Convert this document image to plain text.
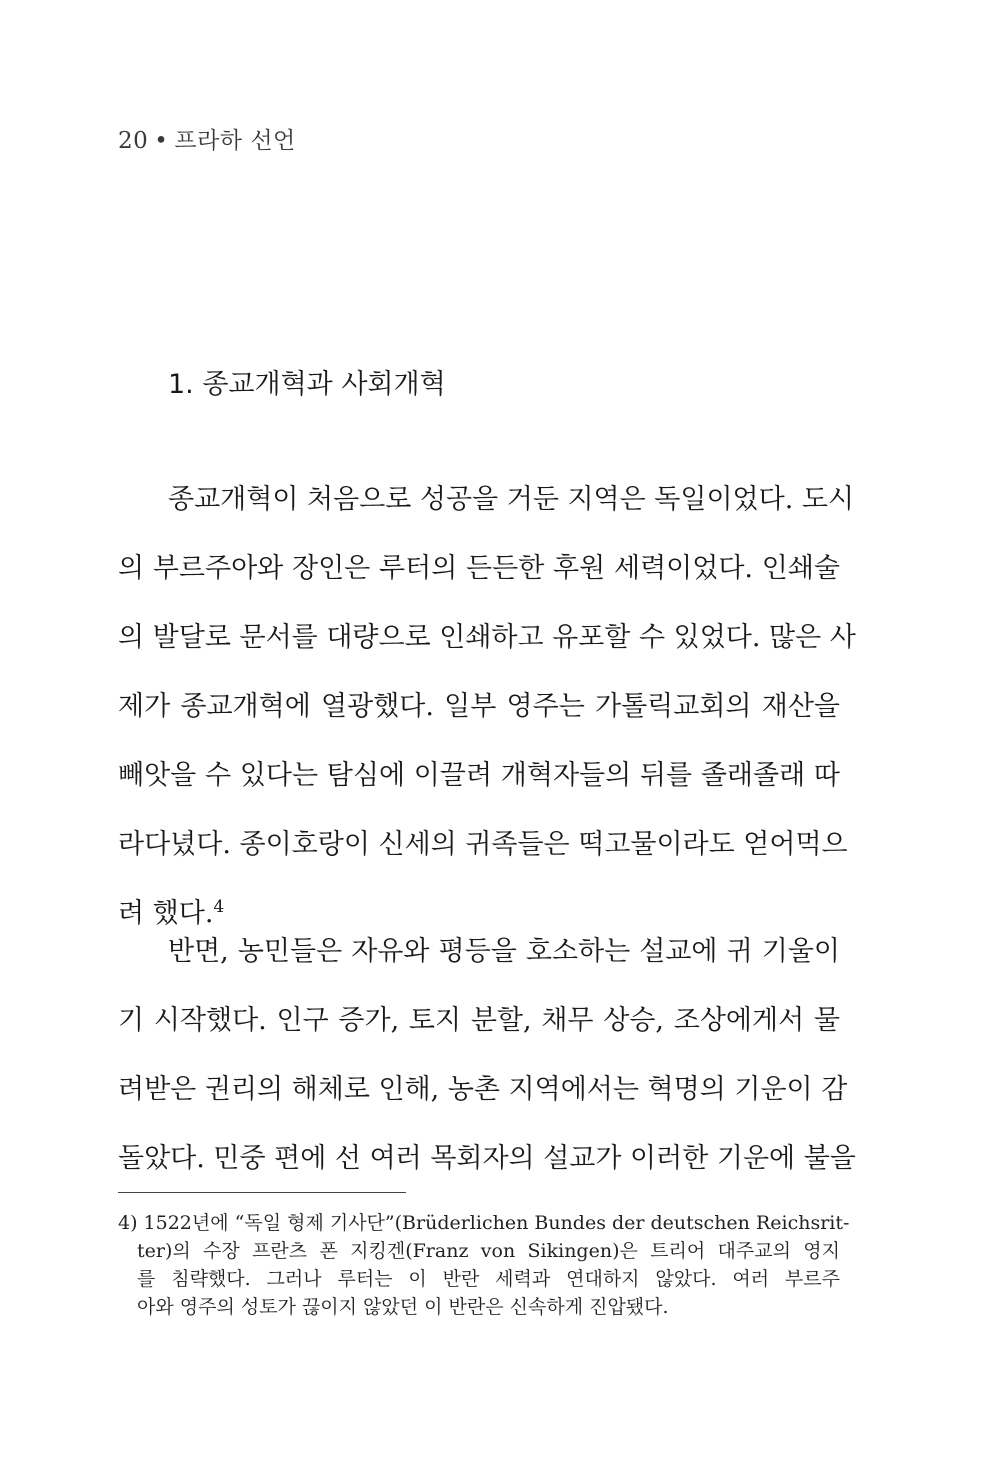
20 • 프라하 선언
1. 종교개혁과 사회개혁
종교개혁이 처음으로 성공을 거둔 지역은 독일이었다. 도시
의 부르주아와 장인은 루터의 든든한 후원 세력이었다. 인쇄술
의 발달로 문서를 대량으로 인쇄하고 유포할 수 있었다. 많은 사
제가 종교개혁에 열광했다. 일부 영주는 가톨릭교회의 재산을
빼앗을 수 있다는 탐심에 이끌려 개혁자들의 뒤를 졸래졸래 따
라다녔다. 종이호랑이 신세의 귀족들은 떡고물이라도 얻어먹으
려 했다.$^4$
반면, 농민들은 자유와 평등을 호소하는 설교에 귀 기울이
기 시작했다. 인구 증가, 토지 분할, 채무 상승, 조상에게서 물
려받은 권리의 해체로 인해, 농촌 지역에서는 혁명의 기운이 감
돌았다. 민중 편에 선 여러 목회자의 설교가 이러한 기운에 불을
4) 1522년에 “독일 형제 기사단”(Brüderlichen Bundes der deutschen Reichsrit-
ter)의 수장 프란츠 폰 지킹겐(Franz von Sikingen)은 트리어 대주교의 영지
를 침략했다. 그러나 루터는 이 반란 세력과 연대하지 않았다. 여러 부르주
아와 영주의 성토가 끊이지 않았던 이 반란은 신속하게 진압됐다.
